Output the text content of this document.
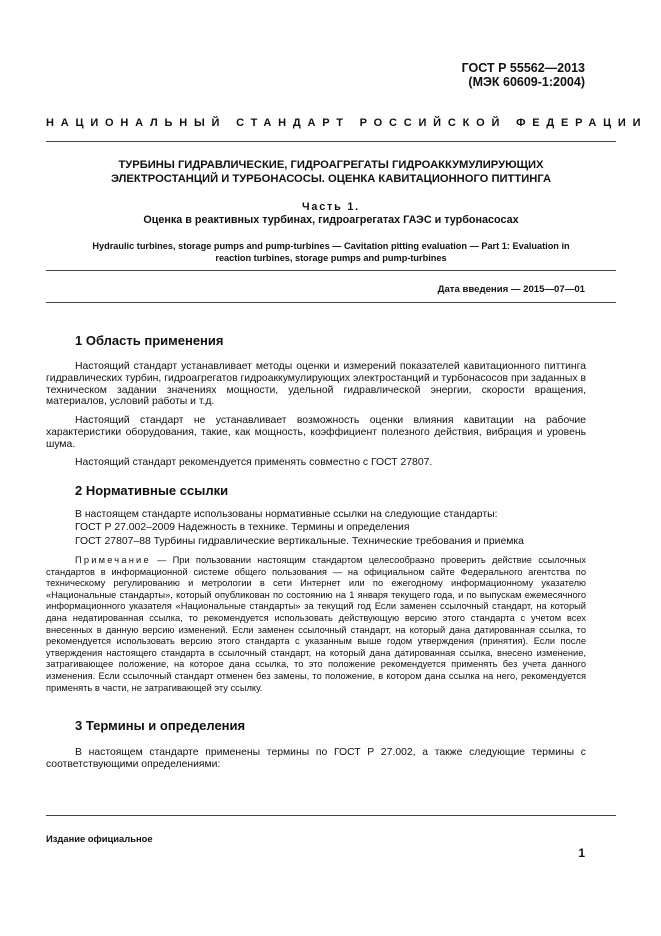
ГОСТ Р 55562—2013
(МЭК 60609-1:2004)
НАЦИОНАЛЬНЫЙ СТАНДАРТ РОССИЙСКОЙ ФЕДЕРАЦИИ
ТУРБИНЫ ГИДРАВЛИЧЕСКИЕ, ГИДРОАГРЕГАТЫ ГИДРОАККУМУЛИРУЮЩИХ
ЭЛЕКТРОСТАНЦИЙ И ТУРБОНАСОСЫ. ОЦЕНКА КАВИТАЦИОННОГО ПИТТИНГА
Часть 1.
Оценка в реактивных турбинах, гидроагрегатах ГАЭС и турбонасосах
Hydraulic turbines, storage pumps and pump-turbines — Cavitation pitting evaluation — Part 1: Evaluation in
reaction turbines, storage pumps and pump-turbines
Дата введения — 2015—07—01
1 Область применения

Настоящий стандарт устанавливает методы оценки и измерений показателей кавитационного питтинга гидравлических турбин, гидроагрегатов гидроаккумулирующих электростанций и турбонасосов при заданных в техническом задании значениях мощности, удельной гидравлической энергии, скорости вращения, материалов, условий работы и т.д.

Настоящий стандарт не устанавливает возможность оценки влияния кавитации на рабочие характеристики оборудования, такие, как мощность, коэффициент полезного действия, вибрация и уровень шума.

Настоящий стандарт рекомендуется применять совместно с ГОСТ 27807.

2 Нормативные ссылки

В настоящем стандарте использованы нормативные ссылки на следующие стандарты:

ГОСТ Р 27.002–2009 Надежность в технике. Термины и определения

ГОСТ 27807–88 Турбины гидравлические вертикальные. Технические требования и приемка

Примечание — При пользовании настоящим стандартом целесообразно проверить действие ссылочных стандартов в информационной системе общего пользования — на официальном сайте Федерального агентства по техническому регулированию и метрологии в сети Интернет или по ежегодному информационному указателю «Национальные стандарты», который опубликован по состоянию на 1 января текущего года, и по выпускам ежемесячного информационного указателя «Национальные стандарты» за текущий год Если заменен ссылочный стандарт, на который дана недатированная ссылка, то рекомендуется использовать действующую версию этого стандарта с учетом всех внесенных в данную версию изменений. Если заменен ссылочный стандарт, на который дана датированная ссылка, то рекомендуется использовать версию этого стандарта с указанным выше годом утверждения (принятия). Если после утверждения настоящего стандарта в ссылочный стандарт, на который дана датированная ссылка, внесено изменение, затрагивающее положение, на которое дана ссылка, то это положение рекомендуется применять без учета данного изменения. Если ссылочный стандарт отменен без замены, то положение, в котором дана ссылка на него, рекомендуется применять в части, не затрагивающей эту ссылку.

3 Термины и определения

В настоящем стандарте применены термины по ГОСТ Р 27.002, а также следующие термины с соответствующими определениями:

Издание официальное
1
